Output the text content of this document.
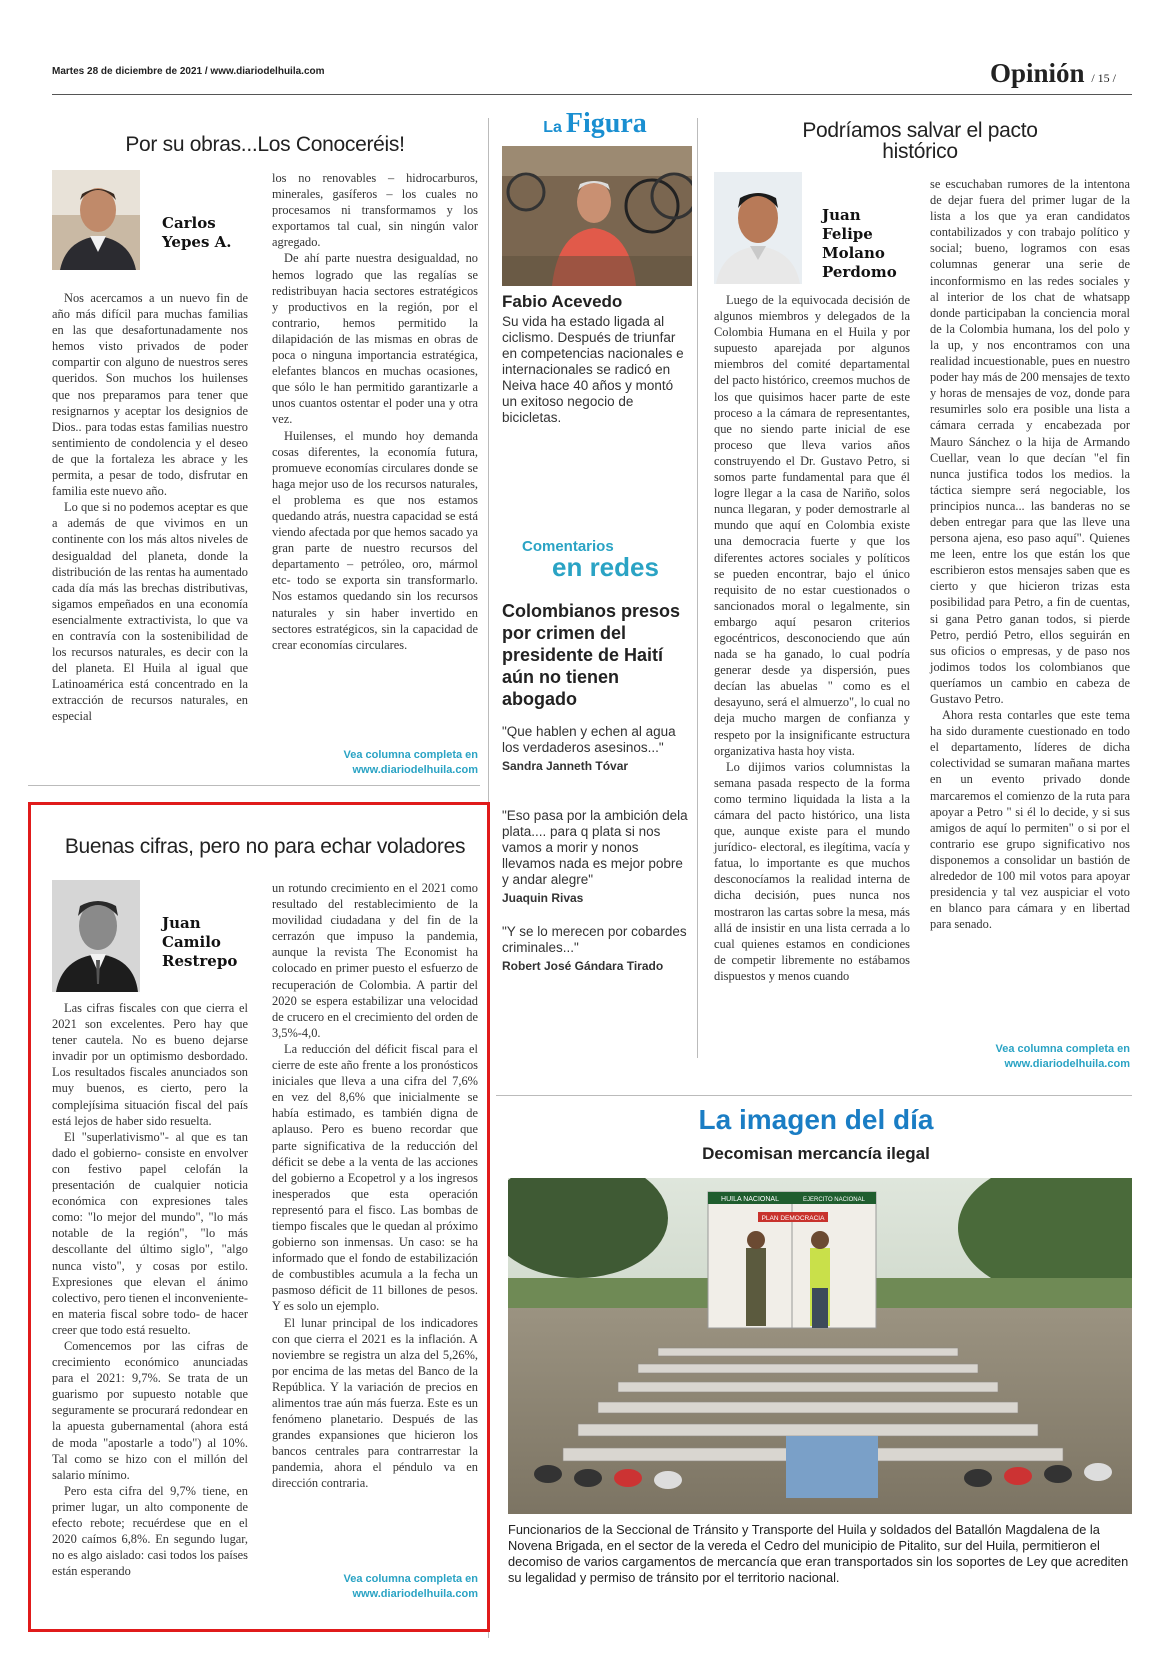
Martes 28 de diciembre de 2021 / www.diariodelhuila.com	Opinión / 15 /
Por su obras...Los Conoceréis!
Carlos
Yepes A.

Nos acercamos a un nuevo fin de año más difícil para muchas familias en las que desafortunadamente nos hemos visto privados de poder compartir con alguno de nuestros seres queridos. Son muchos los huilenses que nos preparamos para tener que resignarnos y aceptar los designios de Dios.. para todas estas familias nuestro sentimiento de condolencia y el deseo de que la fortaleza les abrace y les permita, a pesar de todo, disfrutar en familia este nuevo año.

Lo que si no podemos aceptar es que a además de que vivimos en un continente con los más altos niveles de desigualdad del planeta, donde la distribución de las rentas ha aumentado cada día más las brechas distributivas, sigamos empeñados en una economía esencialmente extractivista, lo que va en contravía con la sostenibilidad de los recursos naturales, es decir con la del planeta. El Huila al igual que Latinoamérica está concentrado en la extracción de recursos naturales, en especial

los no renovables – hidrocarburos, minerales, gasíferos – los cuales no procesamos ni transformamos y los exportamos tal cual, sin ningún valor agregado.

De ahí parte nuestra desigualdad, no hemos logrado que las regalías se redistribuyan hacia sectores estratégicos y productivos en la región, por el contrario, hemos permitido la dilapidación de las mismas en obras de poca o ninguna importancia estratégica, elefantes blancos en muchas ocasiones, que sólo le han permitido garantizarle a unos cuantos ostentar el poder una y otra vez.

Huilenses, el mundo hoy demanda cosas diferentes, la economía futura, promueve economías circulares donde se haga mejor uso de los recursos naturales, el problema es que nos estamos quedando atrás, nuestra capacidad se está viendo afectada por que hemos sacado ya gran parte de nuestro recursos del departamento – petróleo, oro, mármol etc- todo se exporta sin transformarlo. Nos estamos quedando sin los recursos naturales y sin haber invertido en sectores estratégicos, sin la capacidad de crear economías circulares.

Vea columna completa en
www.diariodelhuila.com
Buenas cifras, pero no para echar voladores
Juan
Camilo
Restrepo

Las cifras fiscales con que cierra el 2021 son excelentes. Pero hay que tener cautela. No es bueno dejarse invadir por un optimismo desbordado. Los resultados fiscales anunciados son muy buenos, es cierto, pero la complejísima situación fiscal del país está lejos de haber sido resuelta.

El "superlativismo"- al que es tan dado el gobierno- consiste en envolver con festivo papel celofán la presentación de cualquier noticia económica con expresiones tales como: "lo mejor del mundo", "lo más notable de la región", "lo más descollante del último siglo", "algo nunca visto", y cosas por estilo. Expresiones que elevan el ánimo colectivo, pero tienen el inconveniente- en materia fiscal sobre todo- de hacer creer que todo está resuelto.

Comencemos por las cifras de crecimiento económico anunciadas para el 2021: 9,7%. Se trata de un guarismo por supuesto notable que seguramente se procurará redondear en la apuesta gubernamental (ahora está de moda "apostarle a todo") al 10%. Tal como se hizo con el millón del salario mínimo.

Pero esta cifra del 9,7% tiene, en primer lugar, un alto componente de efecto rebote; recuérdese que en el 2020 caímos 6,8%. En segundo lugar, no es algo aislado: casi todos los países están esperando

un rotundo crecimiento en el 2021 como resultado del restablecimiento de la movilidad ciudadana y del fin de la cerrazón que impuso la pandemia, aunque la revista The Economist ha colocado en primer puesto el esfuerzo de recuperación de Colombia. A partir del 2020 se espera estabilizar una velocidad de crucero en el crecimiento del orden de 3,5%-4,0.

La reducción del déficit fiscal para el cierre de este año frente a los pronósticos iniciales que lleva a una cifra del 7,6% en vez del 8,6% que inicialmente se había estimado, es también digna de aplauso. Pero es bueno recordar que parte significativa de la reducción del déficit se debe a la venta de las acciones del gobierno a Ecopetrol y a los ingresos inesperados que esta operación representó para el fisco. Las bombas de tiempo fiscales que le quedan al próximo gobierno son inmensas. Un caso: se ha informado que el fondo de estabilización de combustibles acumula a la fecha un pasmoso déficit de 11 billones de pesos. Y es solo un ejemplo.

El lunar principal de los indicadores con que cierra el 2021 es la inflación. A noviembre se registra un alza del 5,26%, por encima de las metas del Banco de la República. Y la variación de precios en alimentos trae aún más fuerza. Este es un fenómeno planetario. Después de las grandes expansiones que hicieron los bancos centrales para contrarrestar la pandemia, ahora el péndulo va en dirección contraria.

Vea columna completa en
www.diariodelhuila.com
La Figura
Fabio Acevedo
Su vida ha estado ligada al ciclismo. Después de triunfar en competencias nacionales e internacionales se radicó en Neiva hace 40 años y montó un exitoso negocio de bicicletas.
Comentarios
en redes
Colombianos presos por crimen del presidente de Haití aún no tienen abogado
"Que hablen y echen al agua los verdaderos asesinos..."
Sandra Janneth Tóvar
"Eso pasa por la ambición dela plata.... para q plata si nos vamos a morir y nonos llevamos nada es mejor pobre y andar alegre"
Juaquin Rivas
"Y se lo merecen por cobardes criminales..."
Robert José Gándara Tirado
Podríamos salvar el pacto histórico
Juan
Felipe
Molano
Perdomo

Luego de la equivocada decisión de algunos miembros y delegados de la Colombia Humana en el Huila y por supuesto aparejada por algunos miembros del comité departamental del pacto histórico, creemos muchos de los que quisimos hacer parte de este proceso a la cámara de representantes, que no siendo parte inicial de ese proceso que lleva varios años construyendo el Dr. Gustavo Petro, si somos parte fundamental para que él logre llegar a la casa de Nariño, solos nunca llegaran, y poder demostrarle al mundo que aquí en Colombia existe una democracia fuerte y que los diferentes actores sociales y políticos se pueden encontrar, bajo el único requisito de no estar cuestionados o sancionados moral o legalmente, sin embargo aquí pesaron criterios egocéntricos, desconociendo que aún nada se ha ganado, lo cual podría generar desde ya dispersión, pues decían las abuelas " como es el desayuno, será el almuerzo", lo cual no deja mucho margen de confianza y respeto por la insignificante estructura organizativa hasta hoy vista.

Lo dijimos varios columnistas la semana pasada respecto de la forma como termino liquidada la lista a la cámara del pacto histórico, una lista que, aunque existe para el mundo jurídico- electoral, es ilegítima, vacía y fatua, lo importante es que muchos desconocíamos la realidad interna de dicha decisión, pues nunca nos mostraron las cartas sobre la mesa, más allá de insistir en una lista cerrada a lo cual quienes estamos en condiciones de competir libremente no estábamos dispuestos y menos cuando

se escuchaban rumores de la intentona de dejar fuera del primer lugar de la lista a los que ya eran candidatos contabilizados y con trabajo político y social; bueno, logramos con esas columnas generar una serie de inconformismo en las redes sociales y al interior de los chat de whatsapp donde participaban la conciencia moral de la Colombia humana, los del polo y la up, y nos encontramos con una realidad incuestionable, pues en nuestro poder hay más de 200 mensajes de texto y horas de mensajes de voz, donde para resumirles solo era posible una lista a cámara cerrada y encabezada por Mauro Sánchez o la hija de Armando Cuellar, vean lo que decían "el fin nunca justifica todos los medios. la táctica siempre será negociable, los principios nunca... las banderas no se deben entregar para que las lleve una persona ajena, eso paso aquí". Quienes me leen, entre los que están los que escribieron estos mensajes saben que es cierto y que hicieron trizas esta posibilidad para Petro, a fin de cuentas, si gana Petro ganan todos, si pierde Petro, perdió Petro, ellos seguirán en sus oficios o empresas, y de paso nos jodimos todos los colombianos que queríamos un cambio en cabeza de Gustavo Petro.

Ahora resta contarles que este tema ha sido duramente cuestionado en todo el departamento, líderes de dicha colectividad se sumaran mañana martes en un evento privado donde marcaremos el comienzo de la ruta para apoyar a Petro " si él lo decide, y si sus amigos de aquí lo permiten" o si por el contrario ese grupo significativo nos disponemos a consolidar un bastión de alrededor de 100 mil votos para apoyar presidencia y tal vez auspiciar el voto en blanco para cámara y en libertad para senado.

Vea columna completa en
www.diariodelhuila.com
La imagen del día
Decomisan mercancía ilegal
HUILA NACIONAL	EJERCITO NACIONAL
PLAN DEMOCRACIA
Funcionarios de la Seccional de Tránsito y Transporte del Huila y soldados del Batallón Magdalena de la Novena Brigada, en el sector de la vereda el Cedro del municipio de Pitalito, sur del Huila, permitieron el decomiso de varios cargamentos de mercancía que eran transportados sin los soportes de Ley que acrediten su legalidad y permiso de tránsito por el territorio nacional.
